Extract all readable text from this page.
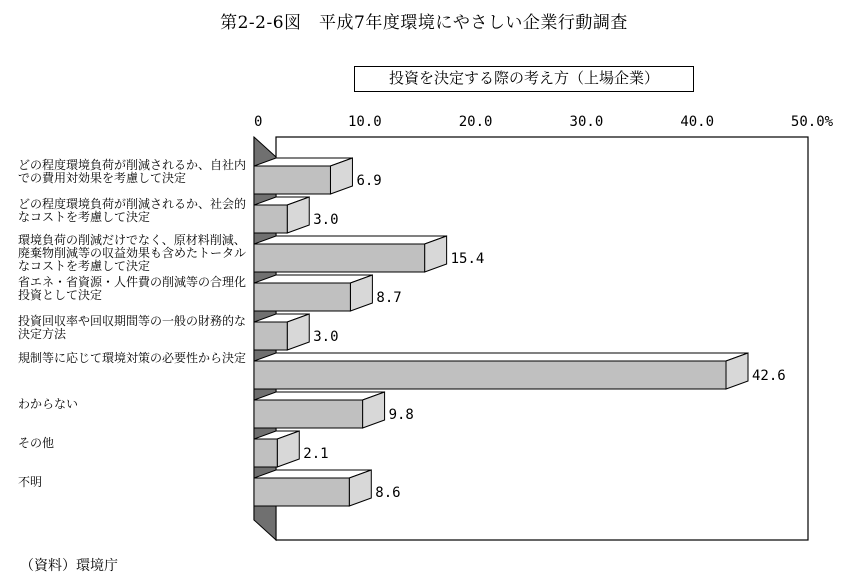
第2-2-6図　平成7年度環境にやさしい企業行動調査
投資を決定する際の考え方（上場企業）
0	10.0	20.0	30.0	40.0	50.0%
6.9
3.0
15.4
8.7
3.0
42.6
9.8
2.1
8.6
どの程度環境負荷が削減されるか、自社内での費用対効果を考慮して決定
どの程度環境負荷が削減されるか、社会的なコストを考慮して決定
環境負荷の削減だけでなく、原材料削減、廃棄物削減等の収益効果も含めたトータルなコストを考慮して決定
省エネ・省資源・人件費の削減等の合理化投資として決定
投資回収率や回収期間等の一般の財務的な決定方法
規制等に応じて環境対策の必要性から決定
わからない
その他
不明
（資料）環境庁
